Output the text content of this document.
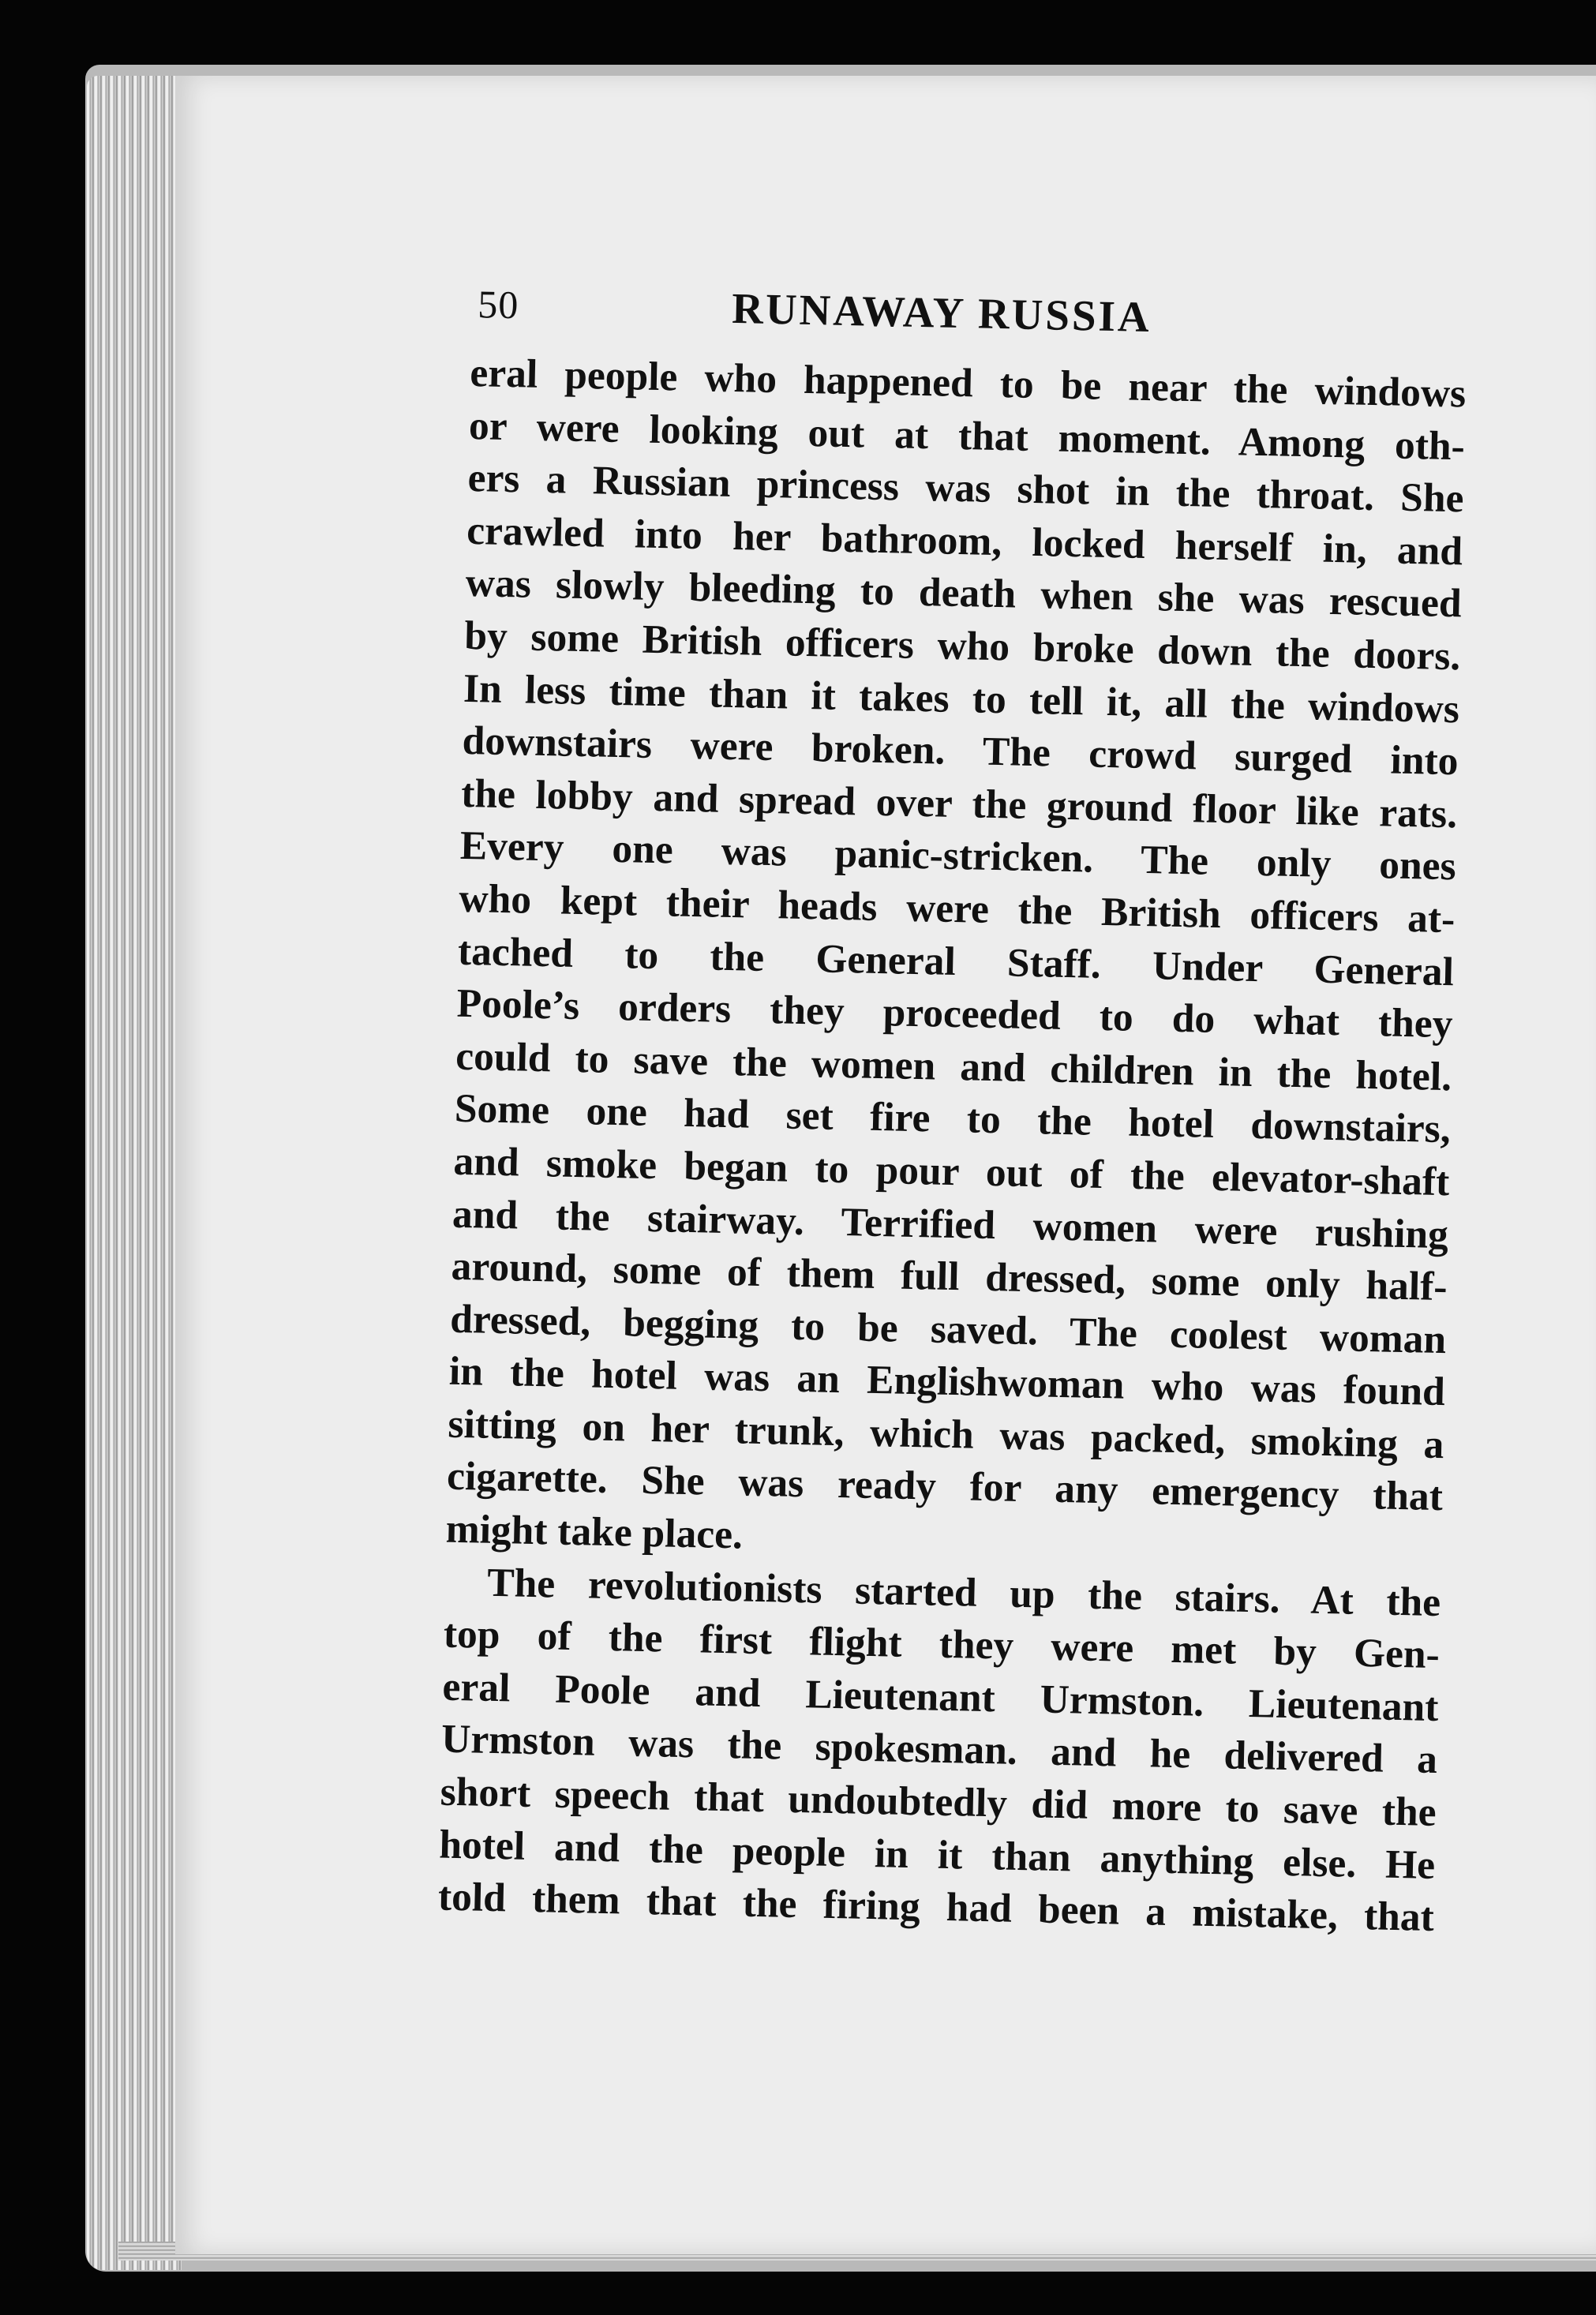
50	RUNAWAY RUSSIA
eral people who happened to be near the windows
or were looking out at that moment. Among oth-
ers a Russian princess was shot in the throat. She
crawled into her bathroom, locked herself in, and
was slowly bleeding to death when she was rescued
by some British officers who broke down the doors.
In less time than it takes to tell it, all the windows
downstairs were broken. The crowd surged into
the lobby and spread over the ground floor like rats.
Every one was panic-stricken. The only ones
who kept their heads were the British officers at-
tached to the General Staff. Under General
Poole’s orders they proceeded to do what they
could to save the women and children in the hotel.
Some one had set fire to the hotel downstairs,
and smoke began to pour out of the elevator-shaft
and the stairway. Terrified women were rushing
around, some of them full dressed, some only half-
dressed, begging to be saved. The coolest woman
in the hotel was an Englishwoman who was found
sitting on her trunk, which was packed, smoking a
cigarette. She was ready for any emergency that
might take place.
The revolutionists started up the stairs. At the
top of the first flight they were met by Gen-
eral Poole and Lieutenant Urmston. Lieutenant
Urmston was the spokesman. and he delivered a
short speech that undoubtedly did more to save the
hotel and the people in it than anything else. He
told them that the firing had been a mistake, that
